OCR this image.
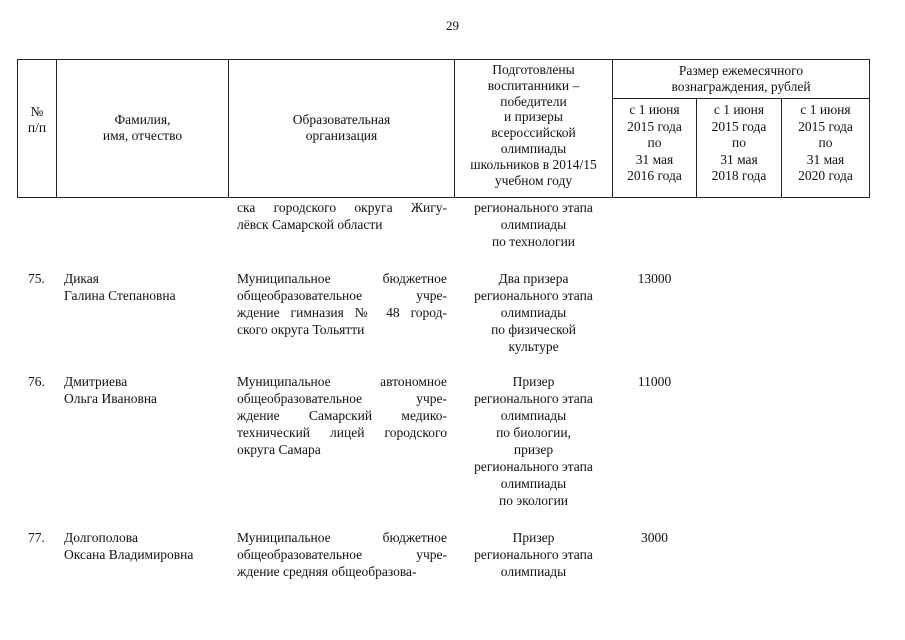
29
№
п/п	Фамилия,
имя, отчество
Образовательная
организация
Подготовлены
воспитанники –
победители
и призеры
всероссийской
олимпиады
школьников в 2014/15
учебном году
Размер ежемесячного
вознаграждения, рублей
с 1 июня
2015 года
по
31 мая
2016 года
с 1 июня
2015 года
по
31 мая
2018 года
с 1 июня
2015 года
по
31 мая
2020 года
ска городского округа Жигу-
лёвск Самарской области
регионального этапа
олимпиады
по технологии
75. Дикая
Галина Степановна
Муниципальное бюджетное
общеобразовательное учре-
ждение гимназия № 48 город-
ского округа Тольятти
Два призера
регионального этапа
олимпиады
по физической
культуре
13000
76. Дмитриева
Ольга Ивановна
Муниципальное автономное
общеобразовательное учре-
ждение Самарский медико-
технический лицей городского
округа Самара
Призер
регионального этапа
олимпиады
по биологии,
призер
регионального этапа
олимпиады
по экологии
11000
77. Долгополова
Оксана Владимировна
Муниципальное бюджетное
общеобразовательное учре-
ждение средняя общеобразова-
Призер
регионального этапа
олимпиады
3000
